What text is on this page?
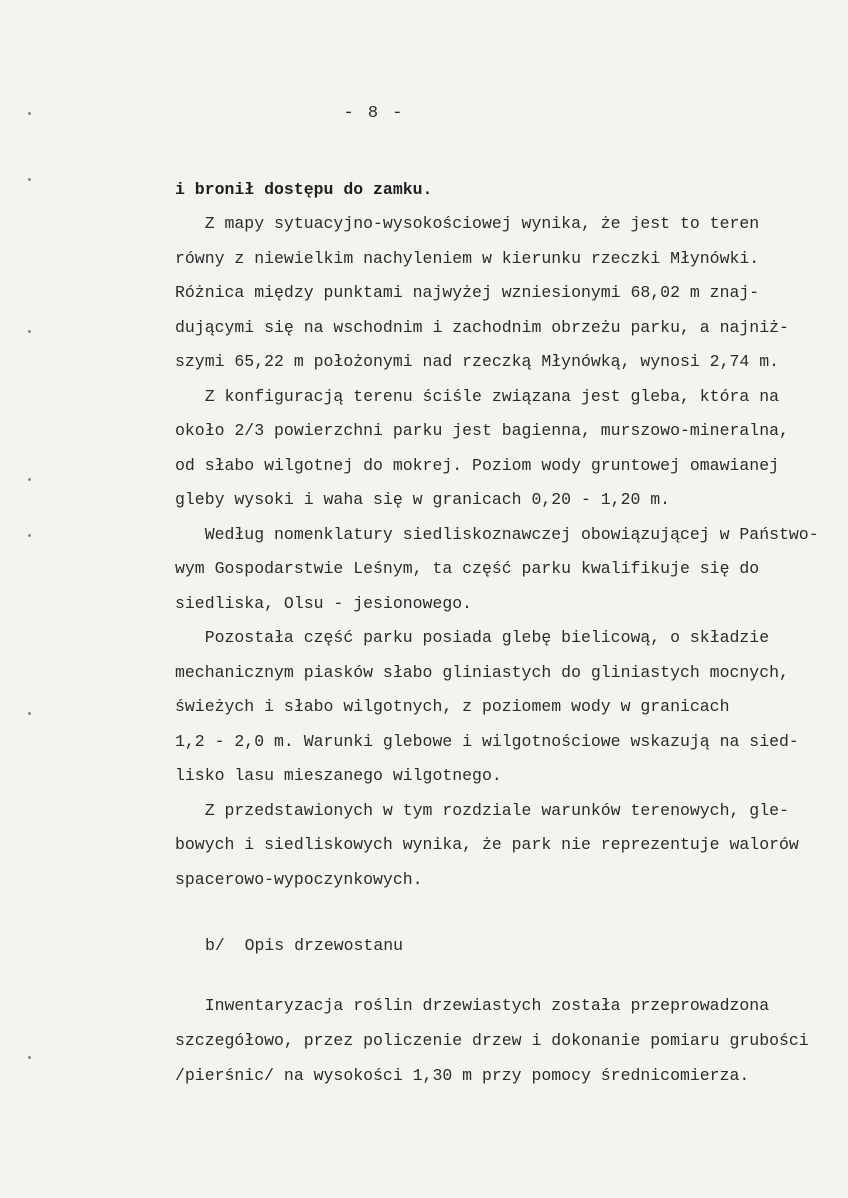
- 8 -
i bronił dostępu do zamku.
Z mapy sytuacyjno-wysokościowej wynika, że jest to teren
równy z niewielkim nachyleniem w kierunku rzeczki Młynówki.
Różnica między punktami najwyżej wzniesionymi 68,02 m znaj-
dującymi się na wschodnim i zachodnim obrzeżu parku, a najniż-
szymi 65,22 m położonymi nad rzeczką Młynówką, wynosi 2,74 m.
Z konfiguracją terenu ściśle związana jest gleba, która na
około 2/3 powierzchni parku jest bagienna, murszowo-mineralna,
od słabo wilgotnej do mokrej. Poziom wody gruntowej omawianej
gleby wysoki i waha się w granicach 0,20 - 1,20 m.
Według nomenklatury siedliskoznawczej obowiązującej w Państwo-
wym Gospodarstwie Leśnym, ta część parku kwalifikuje się do
siedliska, Olsu - jesionowego.
Pozostała część parku posiada glebę bielicową, o składzie
mechanicznym piasków słabo gliniastych do gliniastych mocnych,
świeżych i słabo wilgotnych, z poziomem wody w granicach
1,2 - 2,0 m. Warunki glebowe i wilgotnościowe wskazują na sied-
lisko lasu mieszanego wilgotnego.
Z przedstawionych w tym rozdziale warunków terenowych, gle-
bowych i siedliskowych wynika, że park nie reprezentuje walorów
spacerowo-wypoczynkowych.
b/  Opis drzewostanu
Inwentaryzacja roślin drzewiastych została przeprowadzona
szczegółowo, przez policzenie drzew i dokonanie pomiaru grubości
/pierśnic/ na wysokości 1,30 m przy pomocy średnicomierza.
